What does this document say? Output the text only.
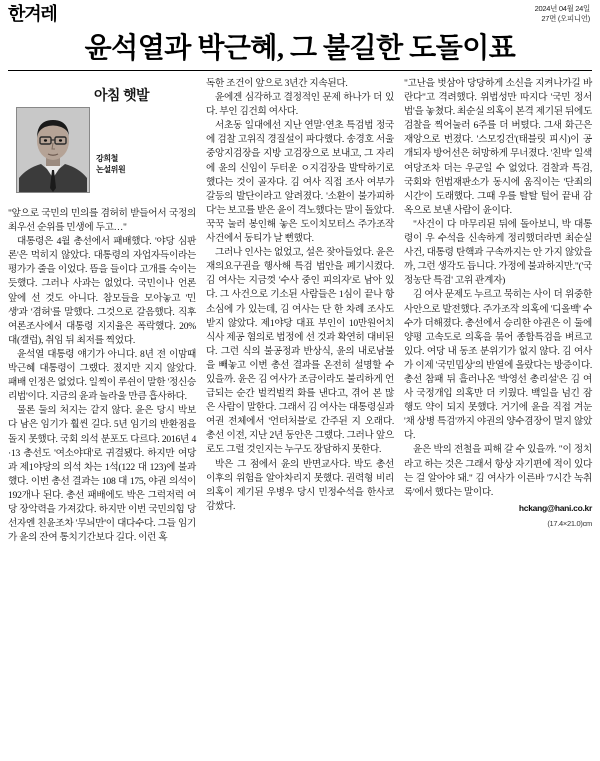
한겨레	2024년 04월 24일
27면 (오피니언)
윤석열과 박근혜, 그 불길한 도돌이표
아침 햇발
강희철
논설위원

"앞으로 국민의 민의를 겸허히 받들어서 국정의 최우선 순위를 민생에 두고…"

대통령은 4월 총선에서 패배했다. '야당 심판론'은 먹히지 않았다. 대통령의 자업자득이라는 평가가 줄을 이었다. 뜸을 들이다 고개를 숙이는 듯했다. 그러나 사과는 없었다. 국민이나 언론 앞에 선 것도 아니다. 참모들을 모아놓고 '민생'과 '겸허'를 말했다. 그것으로 갈음했다. 직후 여론조사에서 대통령 지지율은 폭락했다. 20%대(갤럽), 취임 뒤 최저를 찍었다.

윤석열 대통령 얘기가 아니다. 8년 전 이맘때 박근혜 대통령이 그랬다. 졌지만 지지 않았다. 패배 인정은 없었다. 일찍이 루쉰이 말한 '정신승리법'이다. 지금의 윤과 놀라울 만큼 흡사하다.

물론 둘의 처지는 같지 않다. 윤은 당시 박보다 남은 임기가 훨씬 길다. 5년 임기의 반환점을 돌지 못했다. 국회 의석 분포도 다르다. 2016년 4·13 총선도 '여소야대'로 귀결됐다. 하지만 여당과 제1야당의 의석 차는 1석(122 대 123)에 불과했다. 이번 총선 결과는 108 대 175, 야권 의석이 192개나 된다. 총선 패배에도 박은 그럭저럭 여당 장악력을 가져갔다. 하지만 이번 국민의힘 당선자엔 친윤조차 '무늬만'이 대다수다. 그들 임기가 윤의 잔여 통치기간보다 길다. 이런 혹

독한 조건이 앞으로 3년간 지속된다.

윤에겐 심각하고 결정적인 문제 하나가 더 있다. 부인 김건희 여사다.

서초동 일대에선 지난 연말·연초 특검법 정국에 검찰 고위직 경질설이 파다했다. 송경호 서울중앙지검장을 지방 고검장으로 보내고, 그 자리에 윤의 신임이 두터운 ㅇ지검장을 발탁하기로 했다는 것이 골자다. 김 여사 직접 조사 여부가 갈등의 발단이라고 알려졌다. '소환이 불가피하다'는 보고를 받은 윤이 격노했다는 말이 돌았다. 꾹꾹 눌러 봉인해 놓은 도이치모터스 주가조작 사건에서 동티가 날 뻔했다.

그러나 인사는 없었고, 설은 잦아들었다. 윤은 재의요구권을 행사해 특검 법안을 폐기시켰다. 김 여사는 지금껏 '수사 중인 피의자'로 남아 있다. 그 사건으로 기소된 사람들은 1심이 끝나 항소심에 가 있는데, 김 여사는 단 한 차례 조사도 받지 않았다. 제1야당 대표 부인이 10만원어치 식사 제공 혐의로 법정에 선 것과 확연히 대비된다. 그런 식의 불공정과 반상식, 윤의 내로남불을 빼놓고 이번 총선 결과를 온전히 설명할 수 있을까. 윤은 김 여사가 조금이라도 불리하게 언급되는 순간 벌컥벌컥 화를 낸다고, 겪어 본 많은 사람이 말한다. 그래서 김 여사는 대통령실과 여권 전체에서 '언터처블'로 간주된 지 오래다. 총선 이전, 지난 2년 동안은 그랬다. 그러나 앞으로도 그럴 것인지는 누구도 장담하지 못한다.

박은 그 점에서 윤의 반면교사다. 박도 총선 이후의 위험을 알아차리지 못했다. 권력형 비리 의혹이 제기된 우병우 당시 민정수석을 한사코 감쌌다.

"고난을 벗삼아 당당하게 소신을 지켜나가길 바란다"고 격려했다. 위법성만 따지다 '국민 정서법'을 놓쳤다. 최순실 의혹이 본격 제기된 뒤에도 검찰을 찍어눌러 6주를 더 버텼다. 그새 화근은 재앙으로 번졌다. '스모킹건'(태블릿 피시)이 공개되자 방어선은 허망하게 무너졌다. '친박' 일색 여당조차 더는 우군일 수 없었다. 검찰과 특검, 국회와 헌법재판소가 동시에 움직이는 '단죄의 시간'이 도래했다. 그때 우를 탈탈 털어 끝내 감옥으로 보낸 사람이 윤이다.

"사건이 다 마무리된 뒤에 돌아보니, 박 대통령이 우 수석을 신속하게 정리했더라면 최순실 사건, 대통령 탄핵과 구속까지는 안 가지 않았을까, 그런 생각도 듭니다. 가정에 불과하지만."('국정농단 특검' 고위 관계자)

김 여사 문제도 누르고 묵히는 사이 더 위중한 사안으로 발전했다. 주가조작 의혹에 '디올백' 수수가 더해졌다. 총선에서 승리한 야권은 이 둘에 양평 고속도로 의혹을 묶어 종합특검을 벼르고 있다. 여당 내 동조 분위기가 없지 않다. 김 여사가 이제 '국민밉상'의 반열에 올랐다는 방증이다. 총선 참패 뒤 흘러나온 '박영선 총리설'은 김 여사 국정개입 의혹만 더 키웠다. 백일을 넘긴 잠행도 약이 되지 못했다. 거기에 윤을 직접 겨눈 '채 상병 특검'까지 야권의 양수겸장이 멀지 않았다.

윤은 박의 전철을 피해 갈 수 있을까. "이 정치라고 하는 것은 그래서 항상 자기편에 적이 있다는 걸 알아야 돼." 김 여사가 이른바 '7시간 녹취록'에서 했다는 말이다.

hckang@hani.co.kr
(17.4×21.0)cm
